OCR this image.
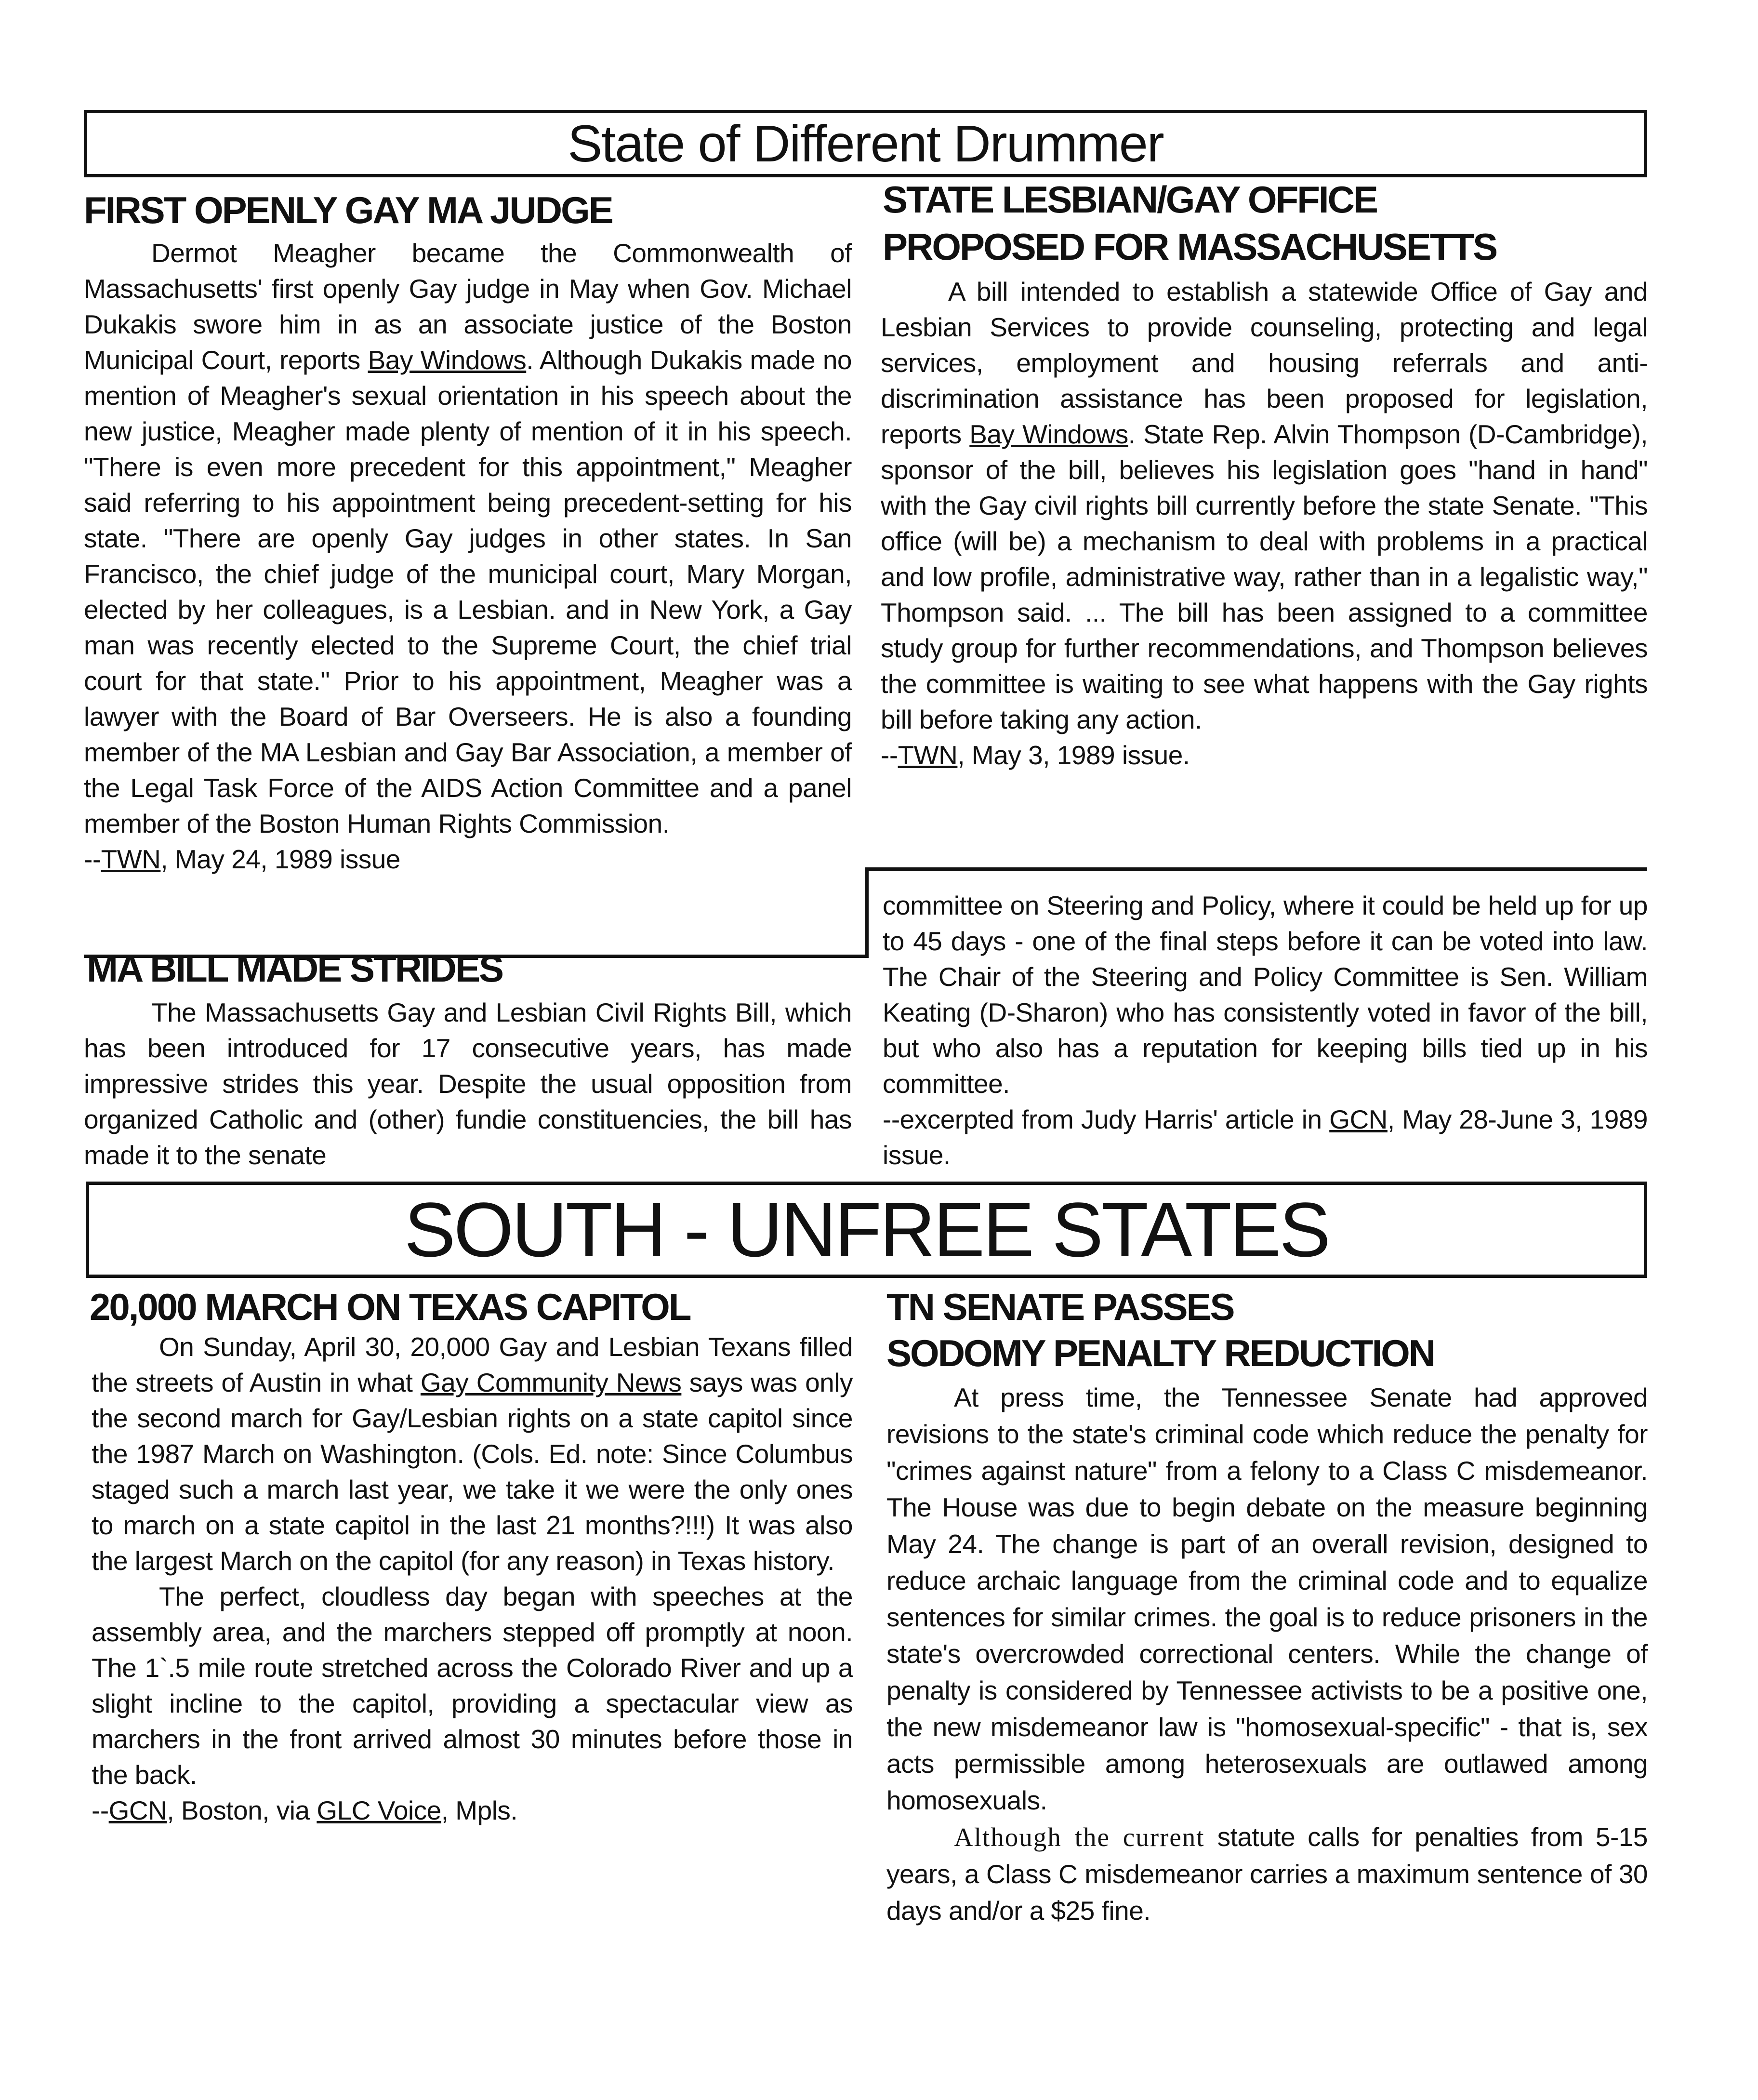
State of Different Drummer
FIRST OPENLY GAY MA JUDGE

Dermot Meagher became the Commonwealth of Massachusetts' first openly Gay judge in May when Gov. Michael Dukakis swore him in as an associate justice of the Boston Municipal Court, reports Bay Windows. Although Dukakis made no mention of Meagher's sexual orientation in his speech about the new justice, Meagher made plenty of mention of it in his speech. "There is even more precedent for this appointment," Meagher said referring to his appointment being precedent-setting for his state. "There are openly Gay judges in other states. In San Francisco, the chief judge of the municipal court, Mary Morgan, elected by her colleagues, is a Lesbian. and in New York, a Gay man was recently elected to the Supreme Court, the chief trial court for that state." Prior to his appointment, Meagher was a lawyer with the Board of Bar Overseers. He is also a founding member of the MA Lesbian and Gay Bar Association, a member of the Legal Task Force of the AIDS Action Committee and a panel member of the Boston Human Rights Commission.

--TWN, May 24, 1989 issue

STATE LESBIAN/GAY OFFICE
PROPOSED FOR MASSACHUSETTS

A bill intended to establish a statewide Office of Gay and Lesbian Services to provide counseling, protecting and legal services, employment and housing referrals and anti-discrimination assistance has been proposed for legislation, reports Bay Windows. State Rep. Alvin Thompson (D-Cambridge), sponsor of the bill, believes his legislation goes "hand in hand" with the Gay civil rights bill currently before the state Senate. "This office (will be) a mechanism to deal with problems in a practical and low profile, administrative way, rather than in a legalistic way," Thompson said. ... The bill has been assigned to a committee study group for further recommendations, and Thompson believes the committee is waiting to see what happens with the Gay rights bill before taking any action.

--TWN, May 3, 1989 issue.

MA BILL MADE STRIDES

The Massachusetts Gay and Lesbian Civil Rights Bill, which has been introduced for 17 consecutive years, has made impressive strides this year. Despite the usual opposition from organized Catholic and (other) fundie constituencies, the bill has made it to the senate

committee on Steering and Policy, where it could be held up for up to 45 days - one of the final steps before it can be voted into law. The Chair of the Steering and Policy Committee is Sen. William Keating (D-Sharon) who has consistently voted in favor of the bill, but who also has a reputation for keeping bills tied up in his committee.

--excerpted from Judy Harris' article in GCN, May 28-June 3, 1989 issue.

SOUTH - UNFREE STATES
20,000 MARCH ON TEXAS CAPITOL

On Sunday, April 30, 20,000 Gay and Lesbian Texans filled the streets of Austin in what Gay Community News says was only the second march for Gay/Lesbian rights on a state capitol since the 1987 March on Washington. (Cols. Ed. note: Since Columbus staged such a march last year, we take it we were the only ones to march on a state capitol in the last 21 months?!!!) It was also the largest March on the capitol (for any reason) in Texas history.

The perfect, cloudless day began with speeches at the assembly area, and the marchers stepped off promptly at noon. The 1`.5 mile route stretched across the Colorado River and up a slight incline to the capitol, providing a spectacular view as marchers in the front arrived almost 30 minutes before those in the back.

--GCN, Boston, via GLC Voice, Mpls.

TN SENATE PASSES
SODOMY PENALTY REDUCTION

At press time, the Tennessee Senate had approved revisions to the state's criminal code which reduce the penalty for "crimes against nature" from a felony to a Class C misdemeanor. The House was due to begin debate on the measure beginning May 24. The change is part of an overall revision, designed to reduce archaic language from the criminal code and to equalize sentences for similar crimes. the goal is to reduce prisoners in the state's overcrowded correctional centers. While the change of penalty is considered by Tennessee activists to be a positive one, the new misdemeanor law is "homosexual-specific" - that is, sex acts permissible among heterosexuals are outlawed among homosexuals.

Although the current statute calls for penalties from 5-15 years, a Class C misdemeanor carries a maximum sentence of 30 days and/or a $25 fine.
